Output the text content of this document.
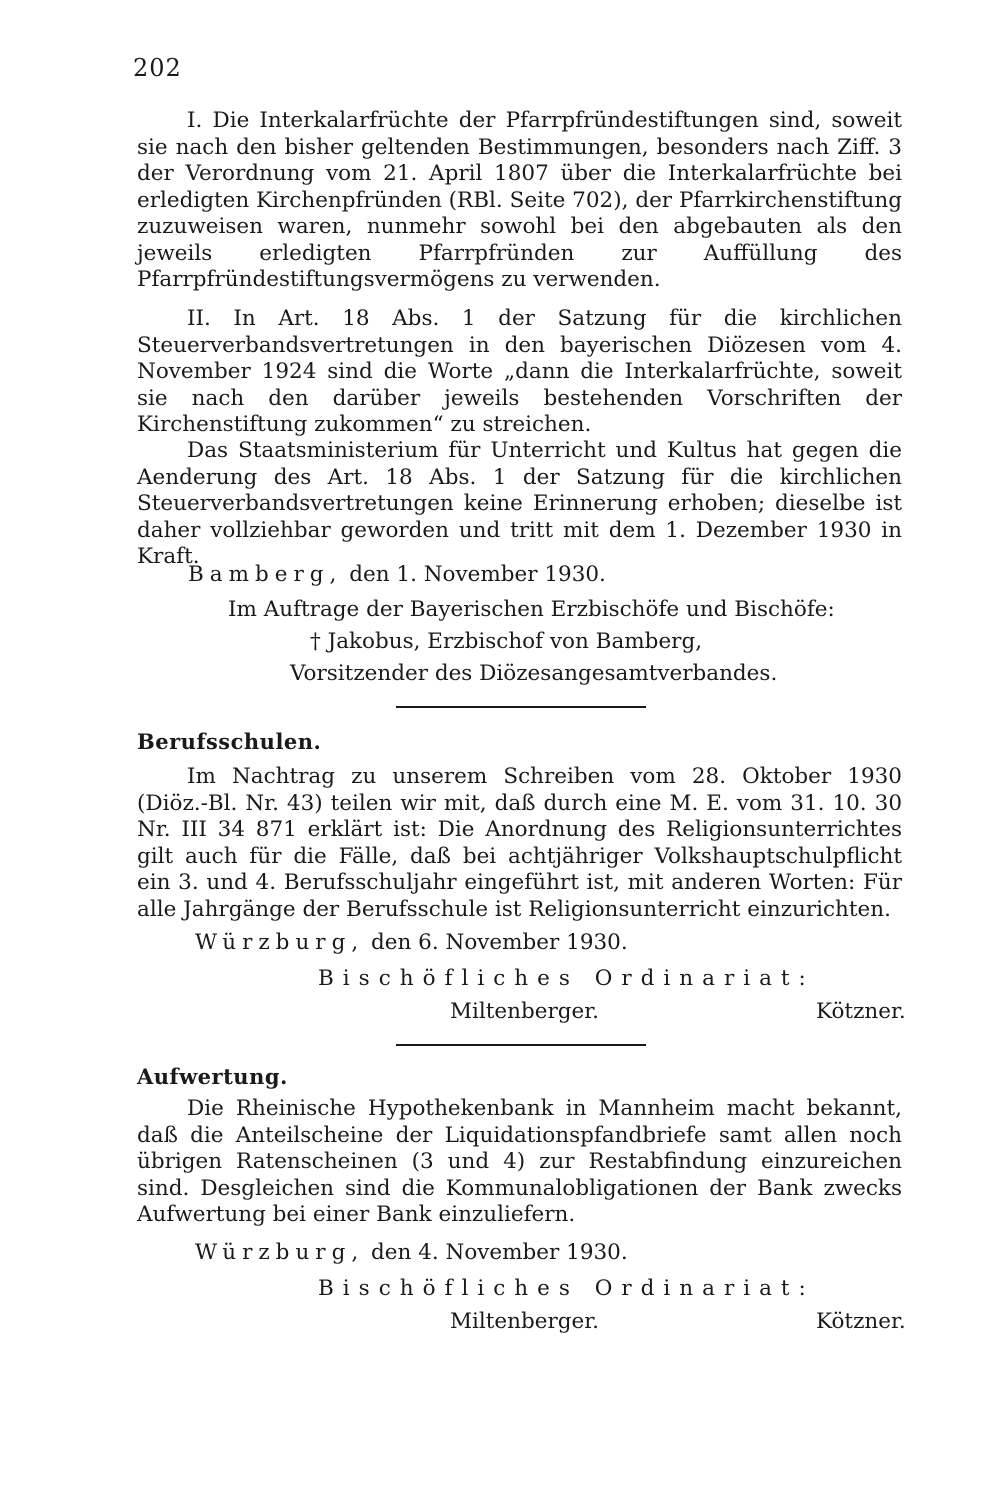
202
I. Die Interkalarfrüchte der Pfarrpfründestiftungen sind, soweit sie nach den bisher geltenden Bestimmungen, besonders nach Ziff. 3 der Verordnung vom 21. April 1807 über die Interkalarfrüchte bei erledigten Kirchenpfründen (RBl. Seite 702), der Pfarrkirchenstiftung zuzuweisen waren, nunmehr sowohl bei den abgebauten als den jeweils erledigten Pfarrpfründen zur Auffüllung des Pfarrpfründestiftungsvermögens zu verwenden.
II. In Art. 18 Abs. 1 der Satzung für die kirchlichen Steuerverbandsvertretungen in den bayerischen Diözesen vom 4. November 1924 sind die Worte „dann die Interkalarfrüchte, soweit sie nach den darüber jeweils bestehenden Vorschriften der Kirchenstiftung zukommen“ zu streichen.
Das Staatsministerium für Unterricht und Kultus hat gegen die Aenderung des Art. 18 Abs. 1 der Satzung für die kirchlichen Steuerverbandsvertretungen keine Erinnerung erhoben; dieselbe ist daher vollziehbar geworden und tritt mit dem 1. Dezember 1930 in Kraft.
Bamberg, den 1. November 1930.
Im Auftrage der Bayerischen Erzbischöfe und Bischöfe:
† Jakobus, Erzbischof von Bamberg,
Vorsitzender des Diözesangesamtverbandes.
Berufsschulen.
Im Nachtrag zu unserem Schreiben vom 28. Oktober 1930 (Diöz.-Bl. Nr. 43) teilen wir mit, daß durch eine M. E. vom 31. 10. 30 Nr. III 34 871 erklärt ist: Die Anordnung des Religionsunterrichtes gilt auch für die Fälle, daß bei achtjähriger Volkshauptschulpflicht ein 3. und 4. Berufsschuljahr eingeführt ist, mit anderen Worten: Für alle Jahrgänge der Berufsschule ist Religionsunterricht einzurichten.
Würzburg, den 6. November 1930.
Bischöfliches Ordinariat:
Miltenberger.	Kötzner.
Aufwertung.
Die Rheinische Hypothekenbank in Mannheim macht bekannt, daß die Anteilscheine der Liquidationspfandbriefe samt allen noch übrigen Ratenscheinen (3 und 4) zur Restabfindung einzureichen sind. Desgleichen sind die Kommunalobligationen der Bank zwecks Aufwertung bei einer Bank einzuliefern.
Würzburg, den 4. November 1930.
Bischöfliches Ordinariat:
Miltenberger.	Kötzner.
